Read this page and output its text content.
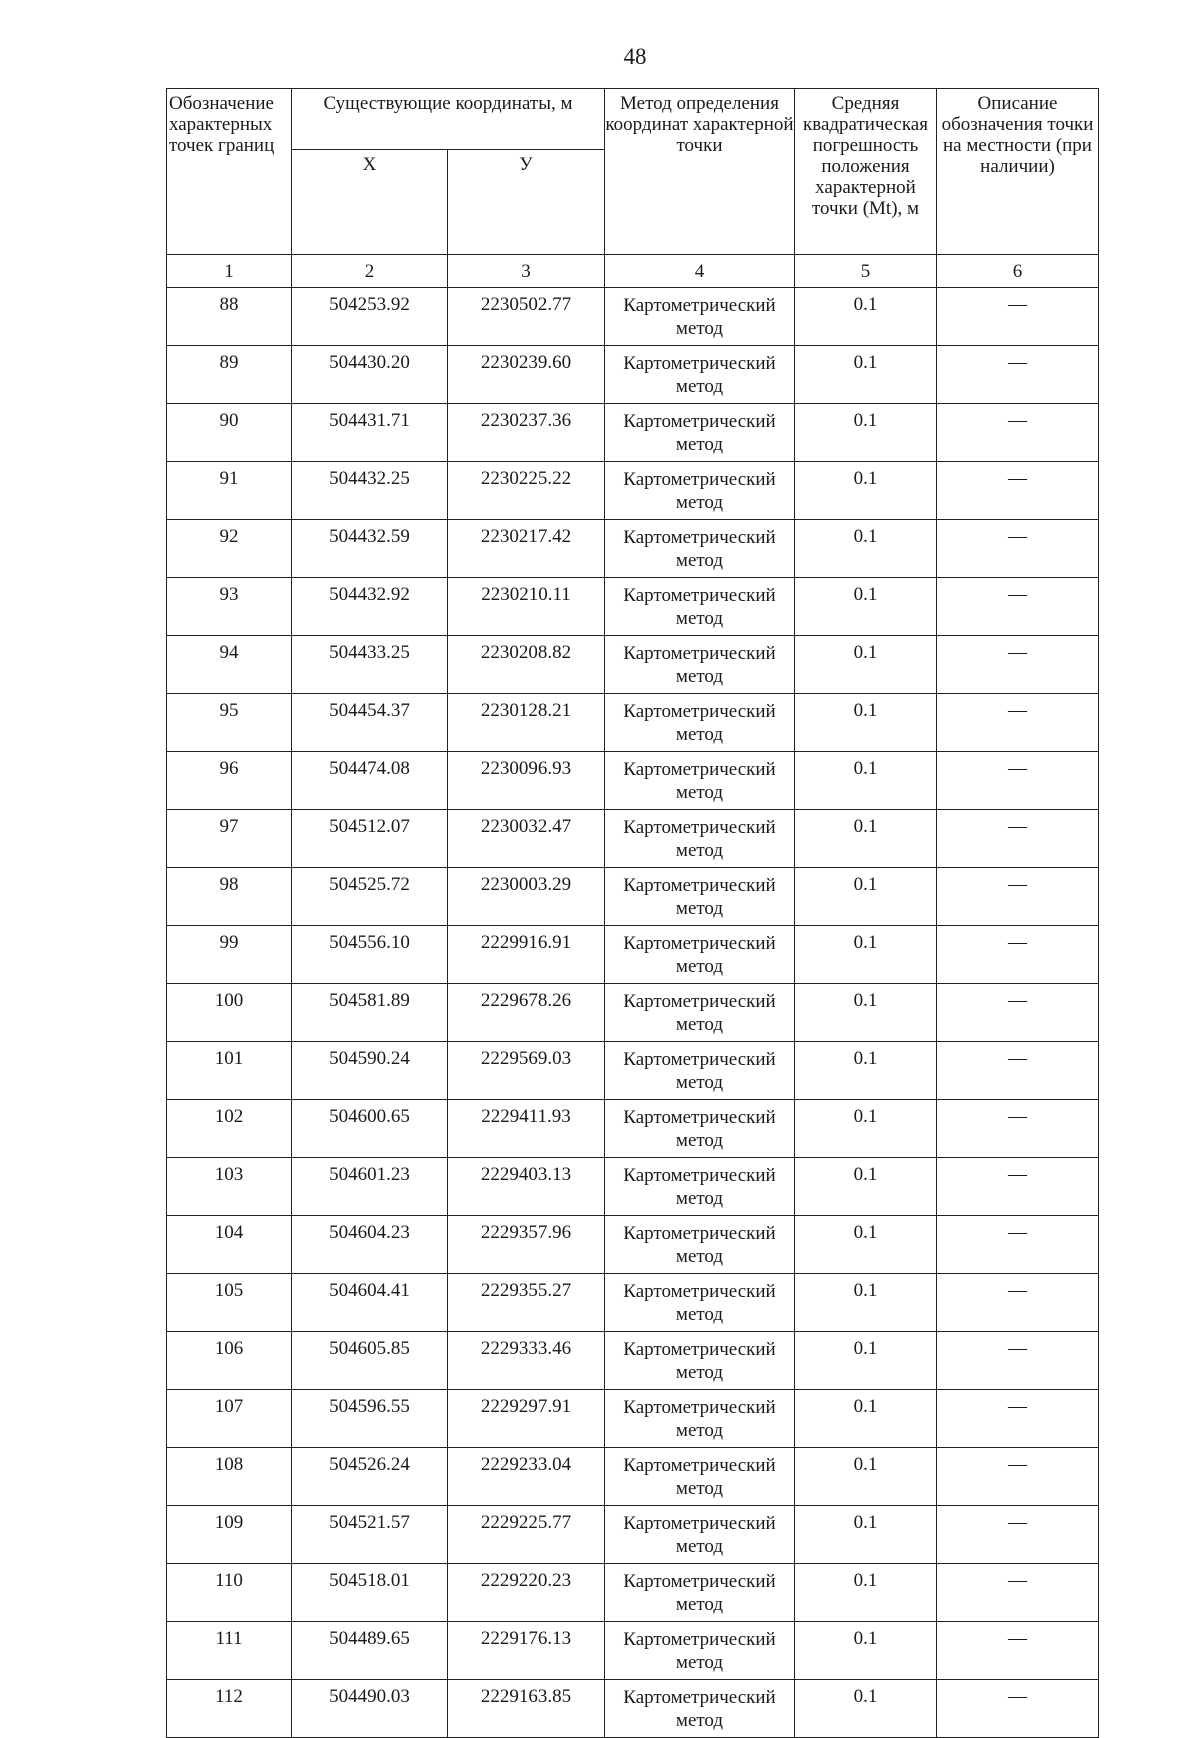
48
Обозначение характерных точек границ	Существующие координаты, м		Метод определения координат характерной точки	Средняя квадратическая погрешность положения характерной точки (Mt), м	Описание обозначения точки на местности (при наличии)
	Х	У			
1	2	3	4	5	6
88	504253.92	2230502.77	Картометрический метод	0.1	—
89	504430.20	2230239.60	Картометрический метод	0.1	—
90	504431.71	2230237.36	Картометрический метод	0.1	—
91	504432.25	2230225.22	Картометрический метод	0.1	—
92	504432.59	2230217.42	Картометрический метод	0.1	—
93	504432.92	2230210.11	Картометрический метод	0.1	—
94	504433.25	2230208.82	Картометрический метод	0.1	—
95	504454.37	2230128.21	Картометрический метод	0.1	—
96	504474.08	2230096.93	Картометрический метод	0.1	—
97	504512.07	2230032.47	Картометрический метод	0.1	—
98	504525.72	2230003.29	Картометрический метод	0.1	—
99	504556.10	2229916.91	Картометрический метод	0.1	—
100	504581.89	2229678.26	Картометрический метод	0.1	—
101	504590.24	2229569.03	Картометрический метод	0.1	—
102	504600.65	2229411.93	Картометрический метод	0.1	—
103	504601.23	2229403.13	Картометрический метод	0.1	—
104	504604.23	2229357.96	Картометрический метод	0.1	—
105	504604.41	2229355.27	Картометрический метод	0.1	—
106	504605.85	2229333.46	Картометрический метод	0.1	—
107	504596.55	2229297.91	Картометрический метод	0.1	—
108	504526.24	2229233.04	Картометрический метод	0.1	—
109	504521.57	2229225.77	Картометрический метод	0.1	—
110	504518.01	2229220.23	Картометрический метод	0.1	—
111	504489.65	2229176.13	Картометрический метод	0.1	—
112	504490.03	2229163.85	Картометрический метод	0.1	—
